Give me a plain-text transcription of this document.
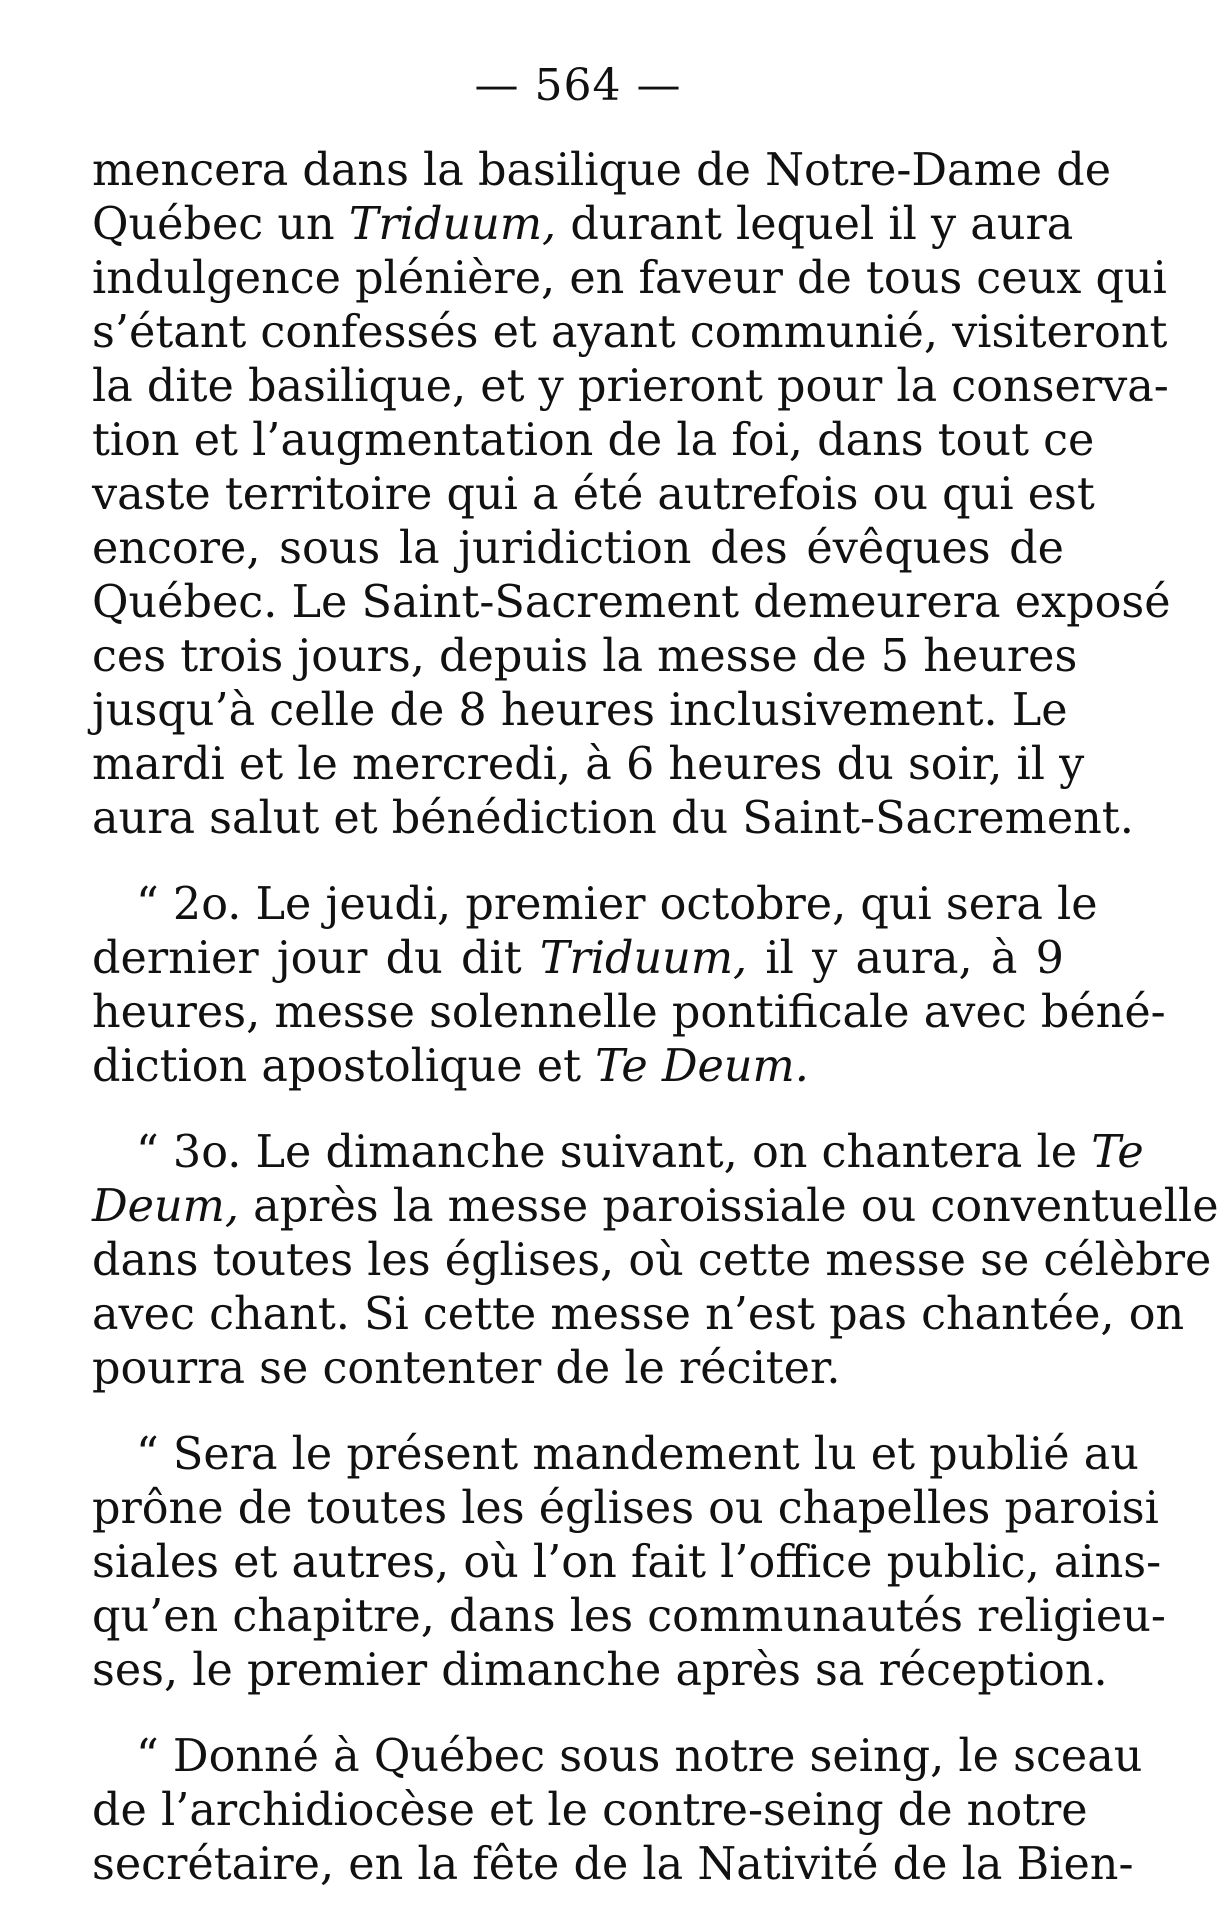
— 564 —
mencera dans la basilique de Notre-Dame de
Québec un Triduum, durant lequel il y aura
indulgence plénière, en faveur de tous ceux qui
s’étant confessés et ayant communié, visiteront
la dite basilique, et y prieront pour la conserva-
tion et l’augmentation de la foi, dans tout ce
vaste territoire qui a été autrefois ou qui est
encore, sous la juridiction des évêques de
Québec. Le Saint-Sacrement demeurera exposé
ces trois jours, depuis la messe de 5 heures
jusqu’à celle de 8 heures inclusivement. Le
mardi et le mercredi, à 6 heures du soir, il y
aura salut et bénédiction du Saint-Sacrement.
“ 2o. Le jeudi, premier octobre, qui sera le
dernier jour du dit Triduum, il y aura, à 9
heures, messe solennelle pontificale avec béné-
diction apostolique et Te Deum.
“ 3o. Le dimanche suivant, on chantera le Te
Deum, après la messe paroissiale ou conventuelle
dans toutes les églises, où cette messe se célèbre
avec chant. Si cette messe n’est pas chantée, on
pourra se contenter de le réciter.
“ Sera le présent mandement lu et publié au
prône de toutes les églises ou chapelles paroisi
siales et autres, où l’on fait l’office public, ains-
qu’en chapitre, dans les communautés religieu-
ses, le premier dimanche après sa réception.
“ Donné à Québec sous notre seing, le sceau
de l’archidiocèse et le contre-seing de notre
secrétaire, en la fête de la Nativité de la Bien-
